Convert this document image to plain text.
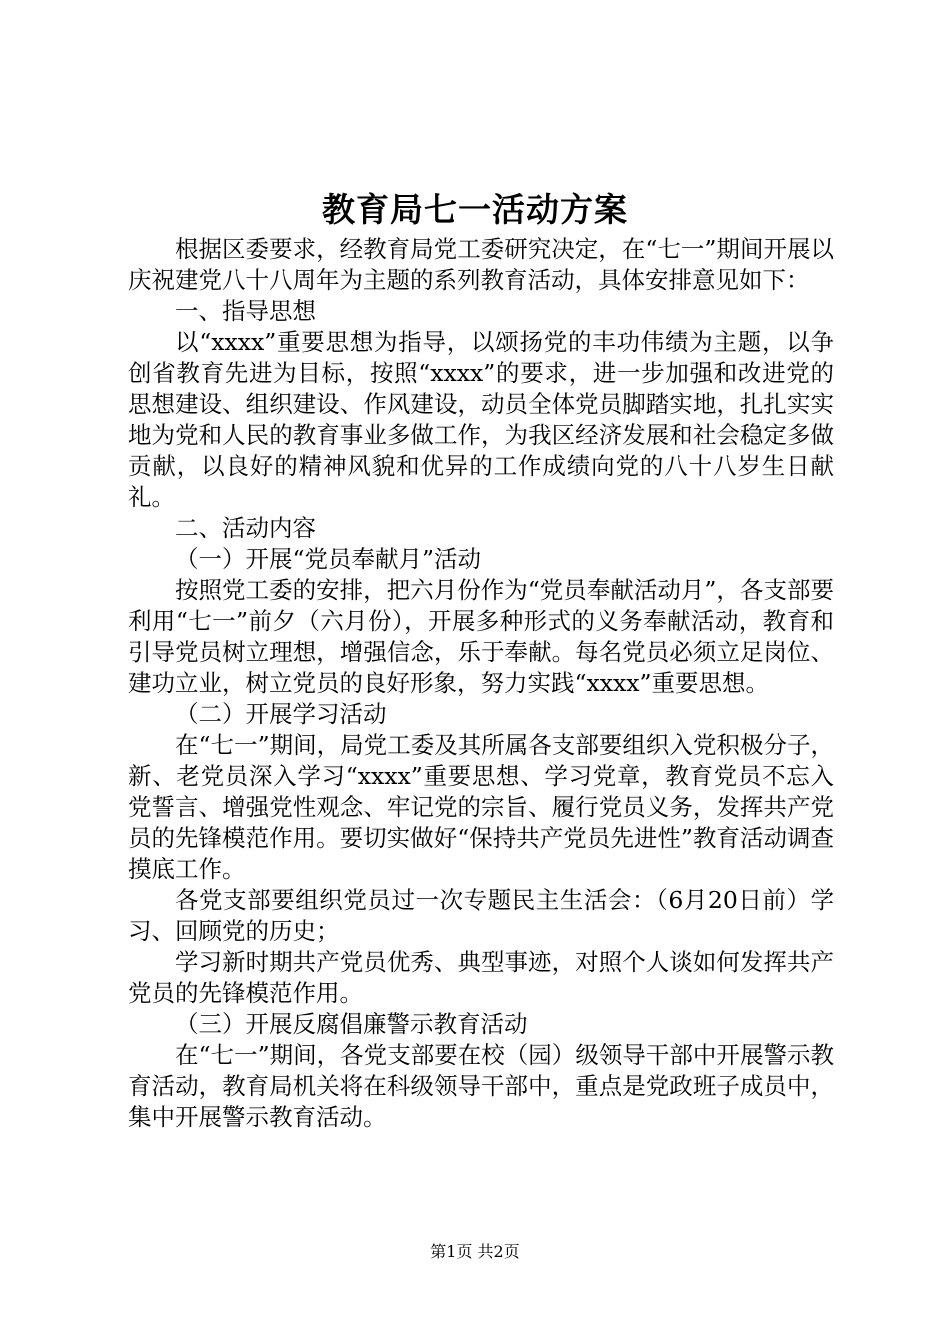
教育局七一活动方案

根据区委要求，经教育局党工委研究决定，在“七一”期间开展以庆祝建党八十八周年为主题的系列教育活动，具体安排意见如下：

一、指导思想

以“xxxx”重要思想为指导，以颂扬党的丰功伟绩为主题，以争创省教育先进为目标，按照“xxxx”的要求，进一步加强和改进党的思想建设、组织建设、作风建设，动员全体党员脚踏实地，扎扎实实地为党和人民的教育事业多做工作，为我区经济发展和社会稳定多做贡献，以良好的精神风貌和优异的工作成绩向党的八十八岁生日献礼。

二、活动内容

（一）开展“党员奉献月”活动

按照党工委的安排，把六月份作为“党员奉献活动月”，各支部要利用“七一”前夕（六月份），开展多种形式的义务奉献活动，教育和引导党员树立理想，增强信念，乐于奉献。每名党员必须立足岗位、建功立业，树立党员的良好形象，努力实践“xxxx”重要思想。

（二）开展学习活动

在“七一”期间，局党工委及其所属各支部要组织入党积极分子，新、老党员深入学习“xxxx”重要思想、学习党章，教育党员不忘入党誓言、增强党性观念、牢记党的宗旨、履行党员义务，发挥共产党员的先锋模范作用。要切实做好“保持共产党员先进性”教育活动调查摸底工作。

各党支部要组织党员过一次专题民主生活会：（6月20日前）学习、回顾党的历史；

学习新时期共产党员优秀、典型事迹，对照个人谈如何发挥共产党员的先锋模范作用。

（三）开展反腐倡廉警示教育活动

在“七一”期间，各党支部要在校（园）级领导干部中开展警示教育活动，教育局机关将在科级领导干部中，重点是党政班子成员中，集中开展警示教育活动。

第1页 共2页
